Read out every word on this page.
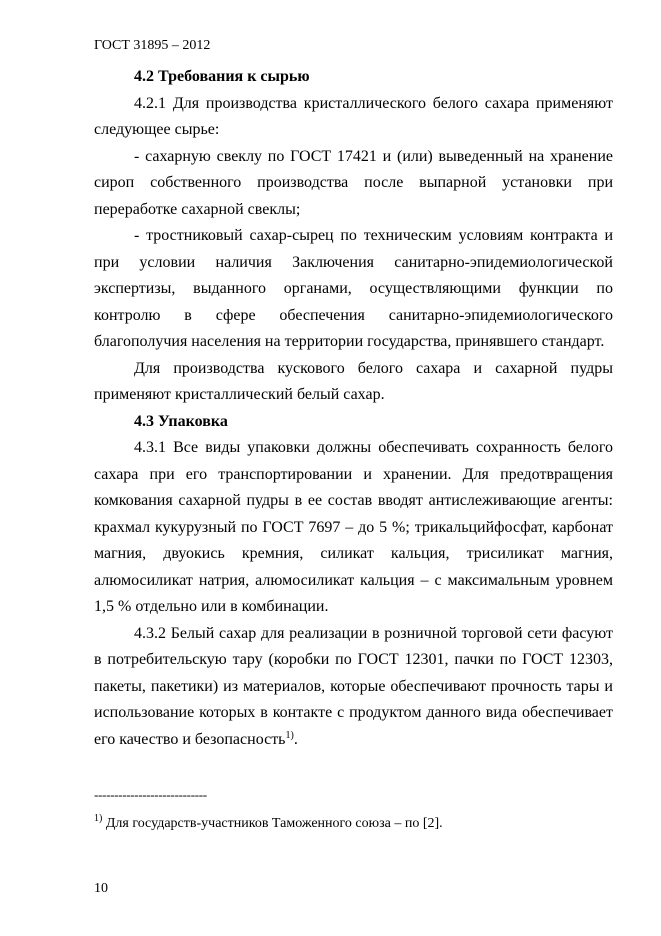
ГОСТ 31895 – 2012

4.2 Требования к сырью

4.2.1 Для производства кристаллического белого сахара применяют следующее сырье:

- сахарную свеклу по ГОСТ 17421 и (или) выведенный на хранение сироп собственного производства после выпарной установки при переработке сахарной свеклы;

- тростниковый сахар-сырец по техническим условиям контракта и при условии наличия Заключения санитарно-эпидемиологической экспертизы, выданного органами, осуществляющими функции по контролю в сфере обеспечения санитарно-эпидемиологического благополучия населения на территории государства, принявшего стандарт.

Для производства кускового белого сахара и сахарной пудры применяют кристаллический белый сахар.

4.3 Упаковка

4.3.1 Все виды упаковки должны обеспечивать сохранность белого сахара при его транспортировании и хранении. Для предотвращения комкования сахарной пудры в ее состав вводят антислеживающие агенты: крахмал кукурузный по ГОСТ 7697 – до 5 %; трикальцийфосфат, карбонат магния, двуокись кремния, силикат кальция, трисиликат магния, алюмосиликат натрия, алюмосиликат кальция – с максимальным уровнем 1,5 % отдельно или в комбинации.

4.3.2 Белый сахар для реализации в розничной торговой сети фасуют в потребительскую тару (коробки по ГОСТ 12301, пачки по ГОСТ 12303, пакеты, пакетики) из материалов, которые обеспечивают прочность тары и использование которых в контакте с продуктом данного вида обеспечивает его качество и безопасность$^{1)}$.

----------------------------
$^{1)}$ Для государств-участников Таможенного союза – по [2].
10
